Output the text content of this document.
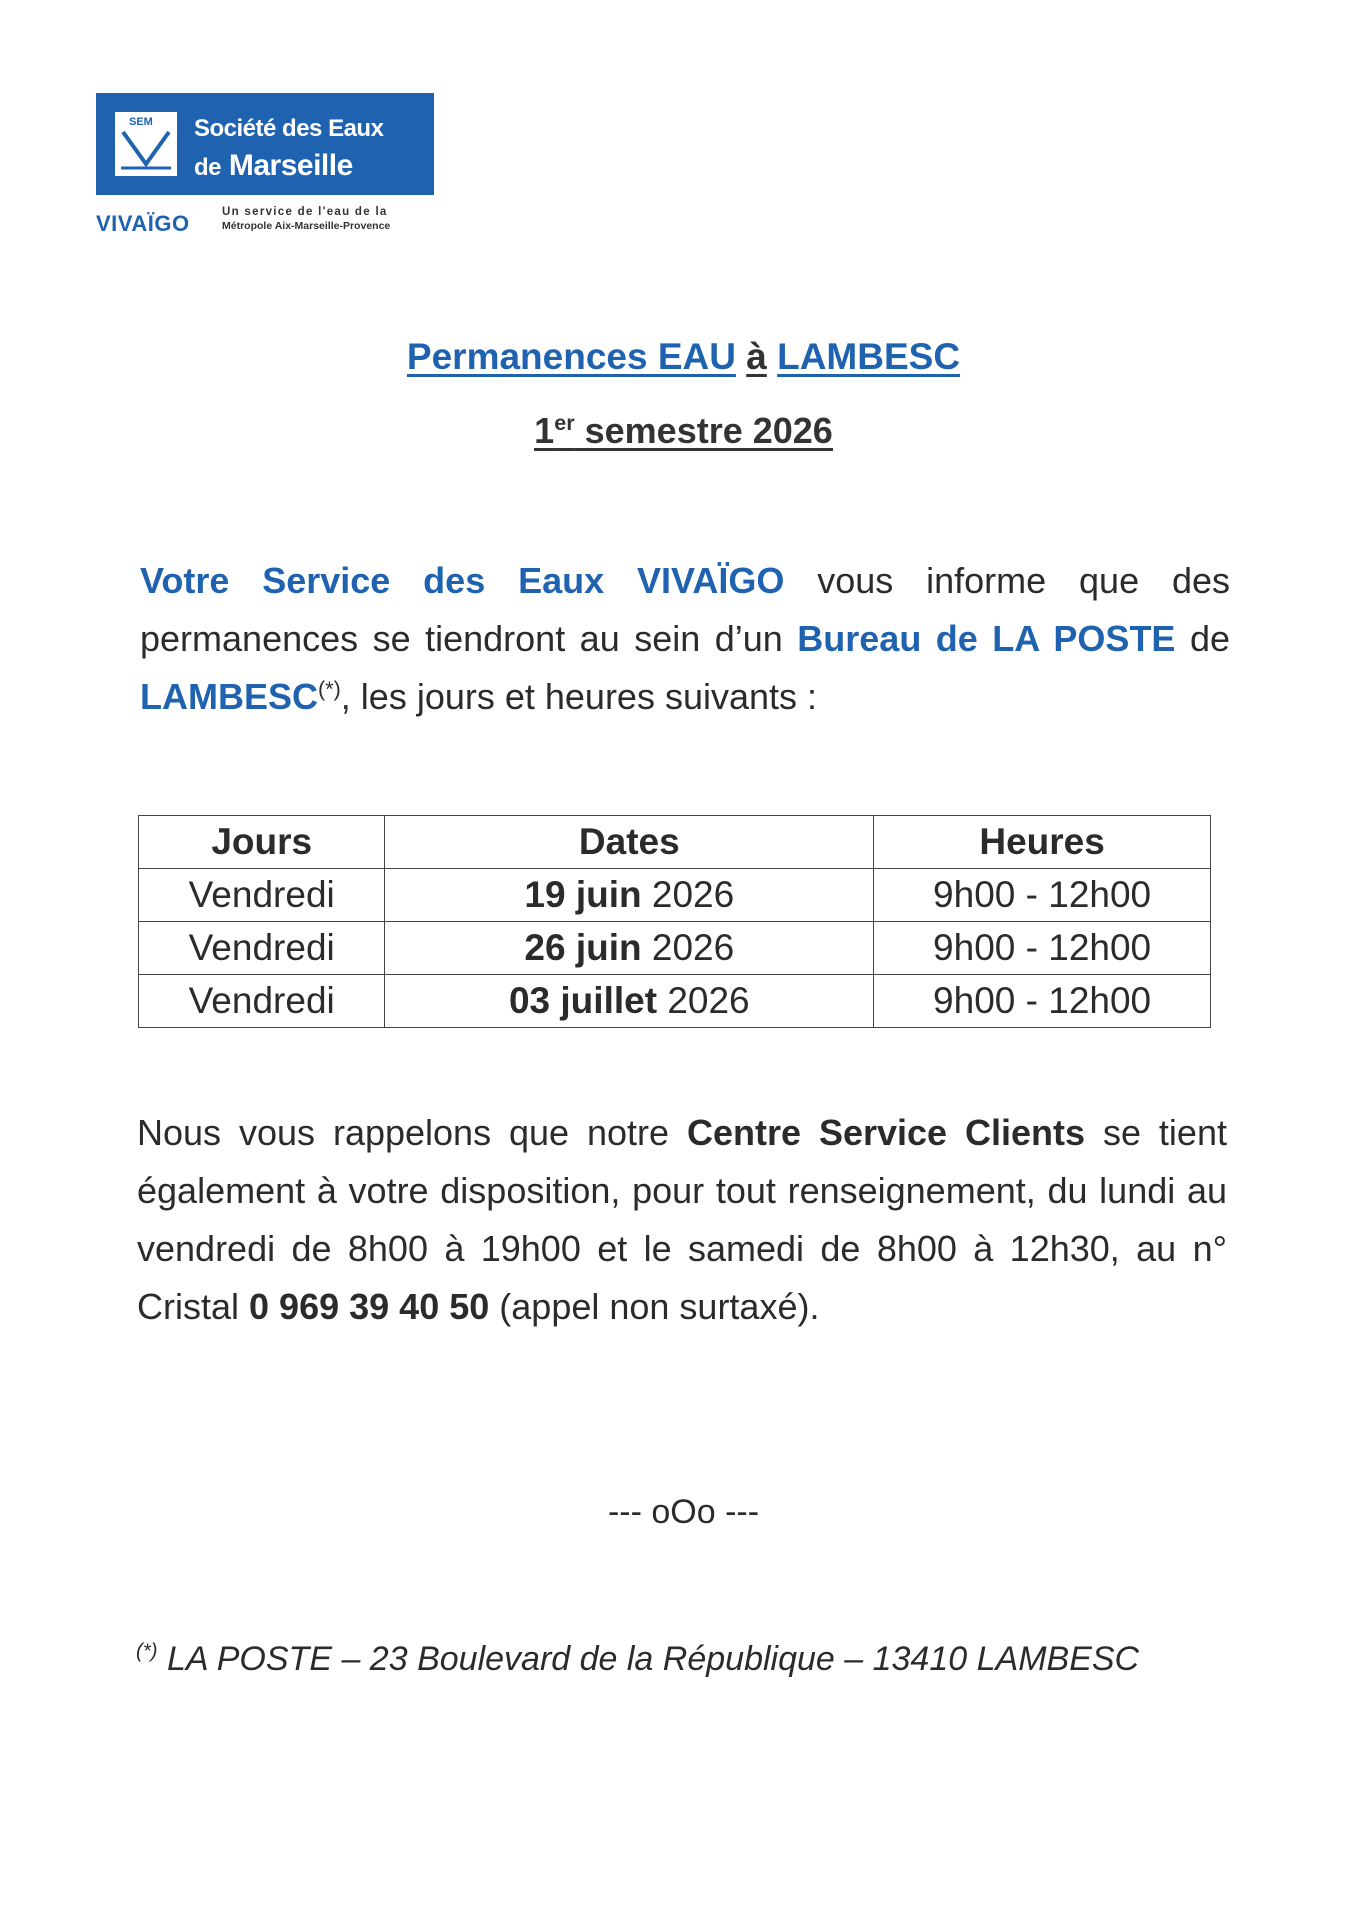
SEM Société des Eaux
de Marseille
VIVAÏGO	Un service de l'eau de la
Métropole Aix-Marseille-Provence
Permanences EAU à LAMBESC
1er semestre 2026
Votre Service des Eaux VIVAÏGO vous informe que des permanences se tiendront au sein d’un Bureau de LA POSTE de LAMBESC(*), les jours et heures suivants :
Jours	Dates	Heures
Vendredi	19 juin 2026	9h00 - 12h00
Vendredi	26 juin 2026	9h00 - 12h00
Vendredi	03 juillet 2026	9h00 - 12h00
Nous vous rappelons que notre Centre Service Clients se tient également à votre disposition, pour tout renseignement, du lundi au vendredi de 8h00 à 19h00 et le samedi de 8h00 à 12h30, au n° Cristal 0 969 39 40 50 (appel non surtaxé).
--- oOo ---
(*) LA POSTE – 23 Boulevard de la République – 13410 LAMBESC
